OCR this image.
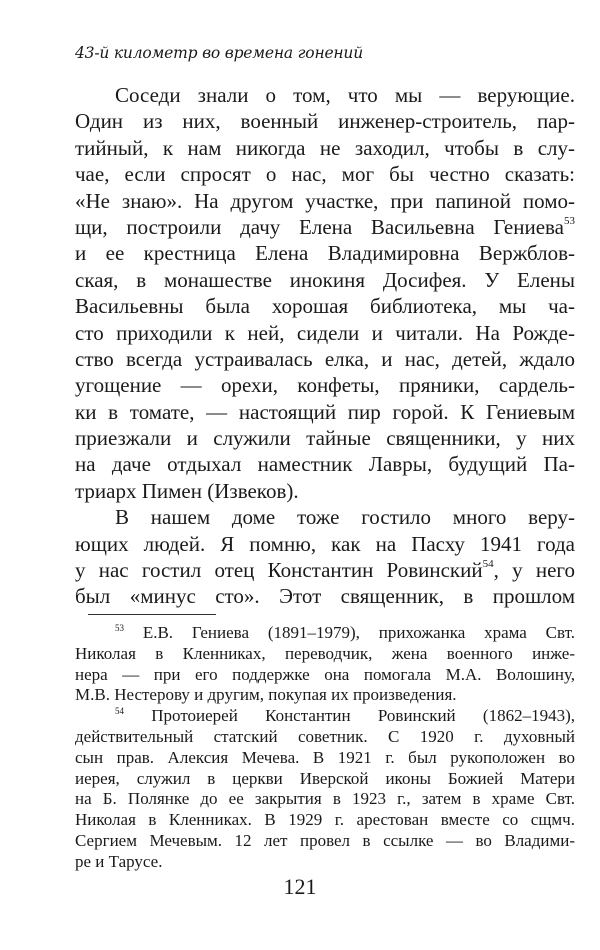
43-й километр во времена гонений
Соседи знали о том, что мы — верующие.
Один из них, военный инженер-строитель, пар-
тийный, к нам никогда не заходил, чтобы в слу-
чае, если спросят о нас, мог бы честно сказать:
«Не знаю». На другом участке, при папиной помо-
щи, построили дачу Елена Васильевна Гениева$^{53}$
и ее крестница Елена Владимировна Вержблов-
ская, в монашестве инокиня Досифея. У Елены
Васильевны была хорошая библиотека, мы ча-
сто приходили к ней, сидели и читали. На Рожде-
ство всегда устраивалась елка, и нас, детей, ждало
угощение — орехи, конфеты, пряники, сардель-
ки в томате, — настоящий пир горой. К Гениевым
приезжали и служили тайные священники, у них
на даче отдыхал наместник Лавры, будущий Па-
триарх Пимен (Извеков).
В нашем доме тоже гостило много веру-
ющих людей. Я помню, как на Пасху 1941 года
у нас гостил отец Константин Ровинский$^{54}$, у него
был «минус сто». Этот священник, в прошлом
$^{53}$ Е.В. Гениева (1891–1979), прихожанка храма Свт.
Николая в Кленниках, переводчик, жена военного инже-
нера — при его поддержке она помогала М.А. Волошину,
М.В. Нестерову и другим, покупая их произведения.
$^{54}$ Протоиерей Константин Ровинский (1862–1943),
действительный статский советник. С 1920 г. духовный
сын прав. Алексия Мечева. В 1921 г. был рукоположен во
иерея, служил в церкви Иверской иконы Божией Матери
на Б. Полянке до ее закрытия в 1923 г., затем в храме Свт.
Николая в Кленниках. В 1929 г. арестован вместе со сщмч.
Сергием Мечевым. 12 лет провел в ссылке — во Владими-
ре и Тарусе.
121
